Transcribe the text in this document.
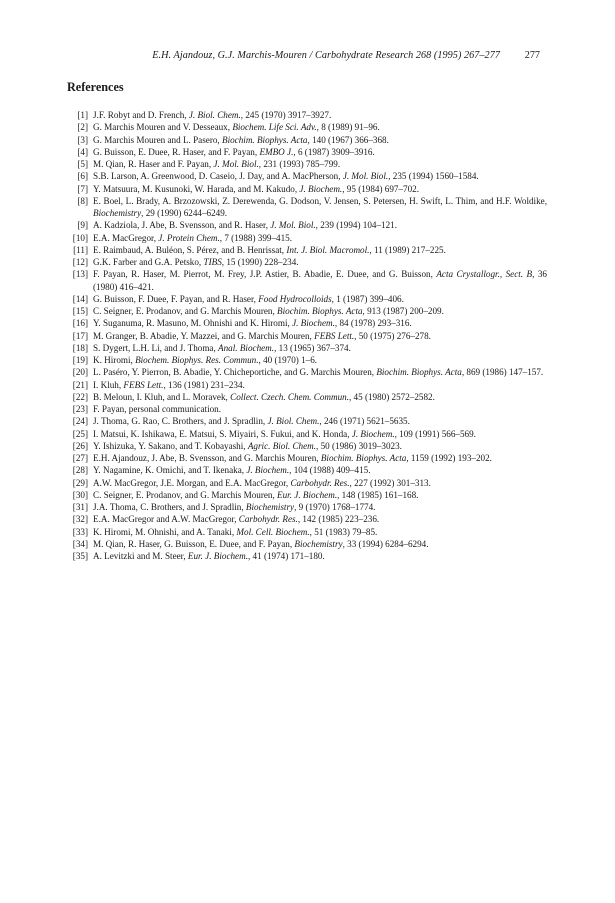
E.H. Ajandouz, G.J. Marchis-Mouren / Carbohydrate Research 268 (1995) 267–277 277
References
[1] J.F. Robyt and D. French, J. Biol. Chem., 245 (1970) 3917–3927.
[2] G. Marchis Mouren and V. Desseaux, Biochem. Life Sci. Adv., 8 (1989) 91–96.
[3] G. Marchis Mouren and L. Pasero, Biochim. Biophys. Acta, 140 (1967) 366–368.
[4] G. Buisson, E. Duee, R. Haser, and F. Payan, EMBO J., 6 (1987) 3909–3916.
[5] M. Qian, R. Haser and F. Payan, J. Mol. Biol., 231 (1993) 785–799.
[6] S.B. Larson, A. Greenwood, D. Caseio, J. Day, and A. MacPherson, J. Mol. Biol., 235 (1994) 1560–1584.
[7] Y. Matsuura, M. Kusunoki, W. Harada, and M. Kakudo, J. Biochem., 95 (1984) 697–702.
[8] E. Boel, L. Brady, A. Brzozowski, Z. Derewenda, G. Dodson, V. Jensen, S. Petersen, H. Swift, L. Thim, and H.F. Woldike, Biochemistry, 29 (1990) 6244–6249.
[9] A. Kadziola, J. Abe, B. Svensson, and R. Haser, J. Mol. Biol., 239 (1994) 104–121.
[10] E.A. MacGregor, J. Protein Chem., 7 (1988) 399–415.
[11] E. Raimbaud, A. Buléon, S. Pérez, and B. Henrissat, Int. J. Biol. Macromol., 11 (1989) 217–225.
[12] G.K. Farber and G.A. Petsko, TIBS, 15 (1990) 228–234.
[13] F. Payan, R. Haser, M. Pierrot, M. Frey, J.P. Astier, B. Abadie, E. Duee, and G. Buisson, Acta Crystallogr., Sect. B, 36 (1980) 416–421.
[14] G. Buisson, F. Duee, F. Payan, and R. Haser, Food Hydrocolloids, 1 (1987) 399–406.
[15] C. Seigner, E. Prodanov, and G. Marchis Mouren, Biochim. Biophys. Acta, 913 (1987) 200–209.
[16] Y. Suganuma, R. Masuno, M. Ohnishi and K. Hiromi, J. Biochem., 84 (1978) 293–316.
[17] M. Granger, B. Abadie, Y. Mazzei, and G. Marchis Mouren, FEBS Lett., 50 (1975) 276–278.
[18] S. Dygert, L.H. Li, and J. Thoma, Anal. Biochem., 13 (1965) 367–374.
[19] K. Hiromi, Biochem. Biophys. Res. Commun., 40 (1970) 1–6.
[20] L. Paséro, Y. Pierron, B. Abadie, Y. Chicheportiche, and G. Marchis Mouren, Biochim. Biophys. Acta, 869 (1986) 147–157.
[21] I. Kluh, FEBS Lett., 136 (1981) 231–234.
[22] B. Meloun, I. Kluh, and L. Moravek, Collect. Czech. Chem. Commun., 45 (1980) 2572–2582.
[23] F. Payan, personal communication.
[24] J. Thoma, G. Rao, C. Brothers, and J. Spradlin, J. Biol. Chem., 246 (1971) 5621–5635.
[25] I. Matsui, K. Ishikawa, E. Matsui, S. Miyairi, S. Fukui, and K. Honda, J. Biochem., 109 (1991) 566–569.
[26] Y. Ishizuka, Y. Sakano, and T. Kobayashi, Agric. Biol. Chem., 50 (1986) 3019–3023.
[27] E.H. Ajandouz, J. Abe, B. Svensson, and G. Marchis Mouren, Biochim. Biophys. Acta, 1159 (1992) 193–202.
[28] Y. Nagamine, K. Omichi, and T. Ikenaka, J. Biochem., 104 (1988) 409–415.
[29] A.W. MacGregor, J.E. Morgan, and E.A. MacGregor, Carbohydr. Res., 227 (1992) 301–313.
[30] C. Seigner, E. Prodanov, and G. Marchis Mouren, Eur. J. Biochem., 148 (1985) 161–168.
[31] J.A. Thoma, C. Brothers, and J. Spradlin, Biochemistry, 9 (1970) 1768–1774.
[32] E.A. MacGregor and A.W. MacGregor, Carbohydr. Res., 142 (1985) 223–236.
[33] K. Hiromi, M. Ohnishi, and A. Tanaki, Mol. Cell. Biochem., 51 (1983) 79–85.
[34] M. Qian, R. Haser, G. Buisson, E. Duee, and F. Payan, Biochemistry, 33 (1994) 6284–6294.
[35] A. Levitzki and M. Steer, Eur. J. Biochem., 41 (1974) 171–180.
